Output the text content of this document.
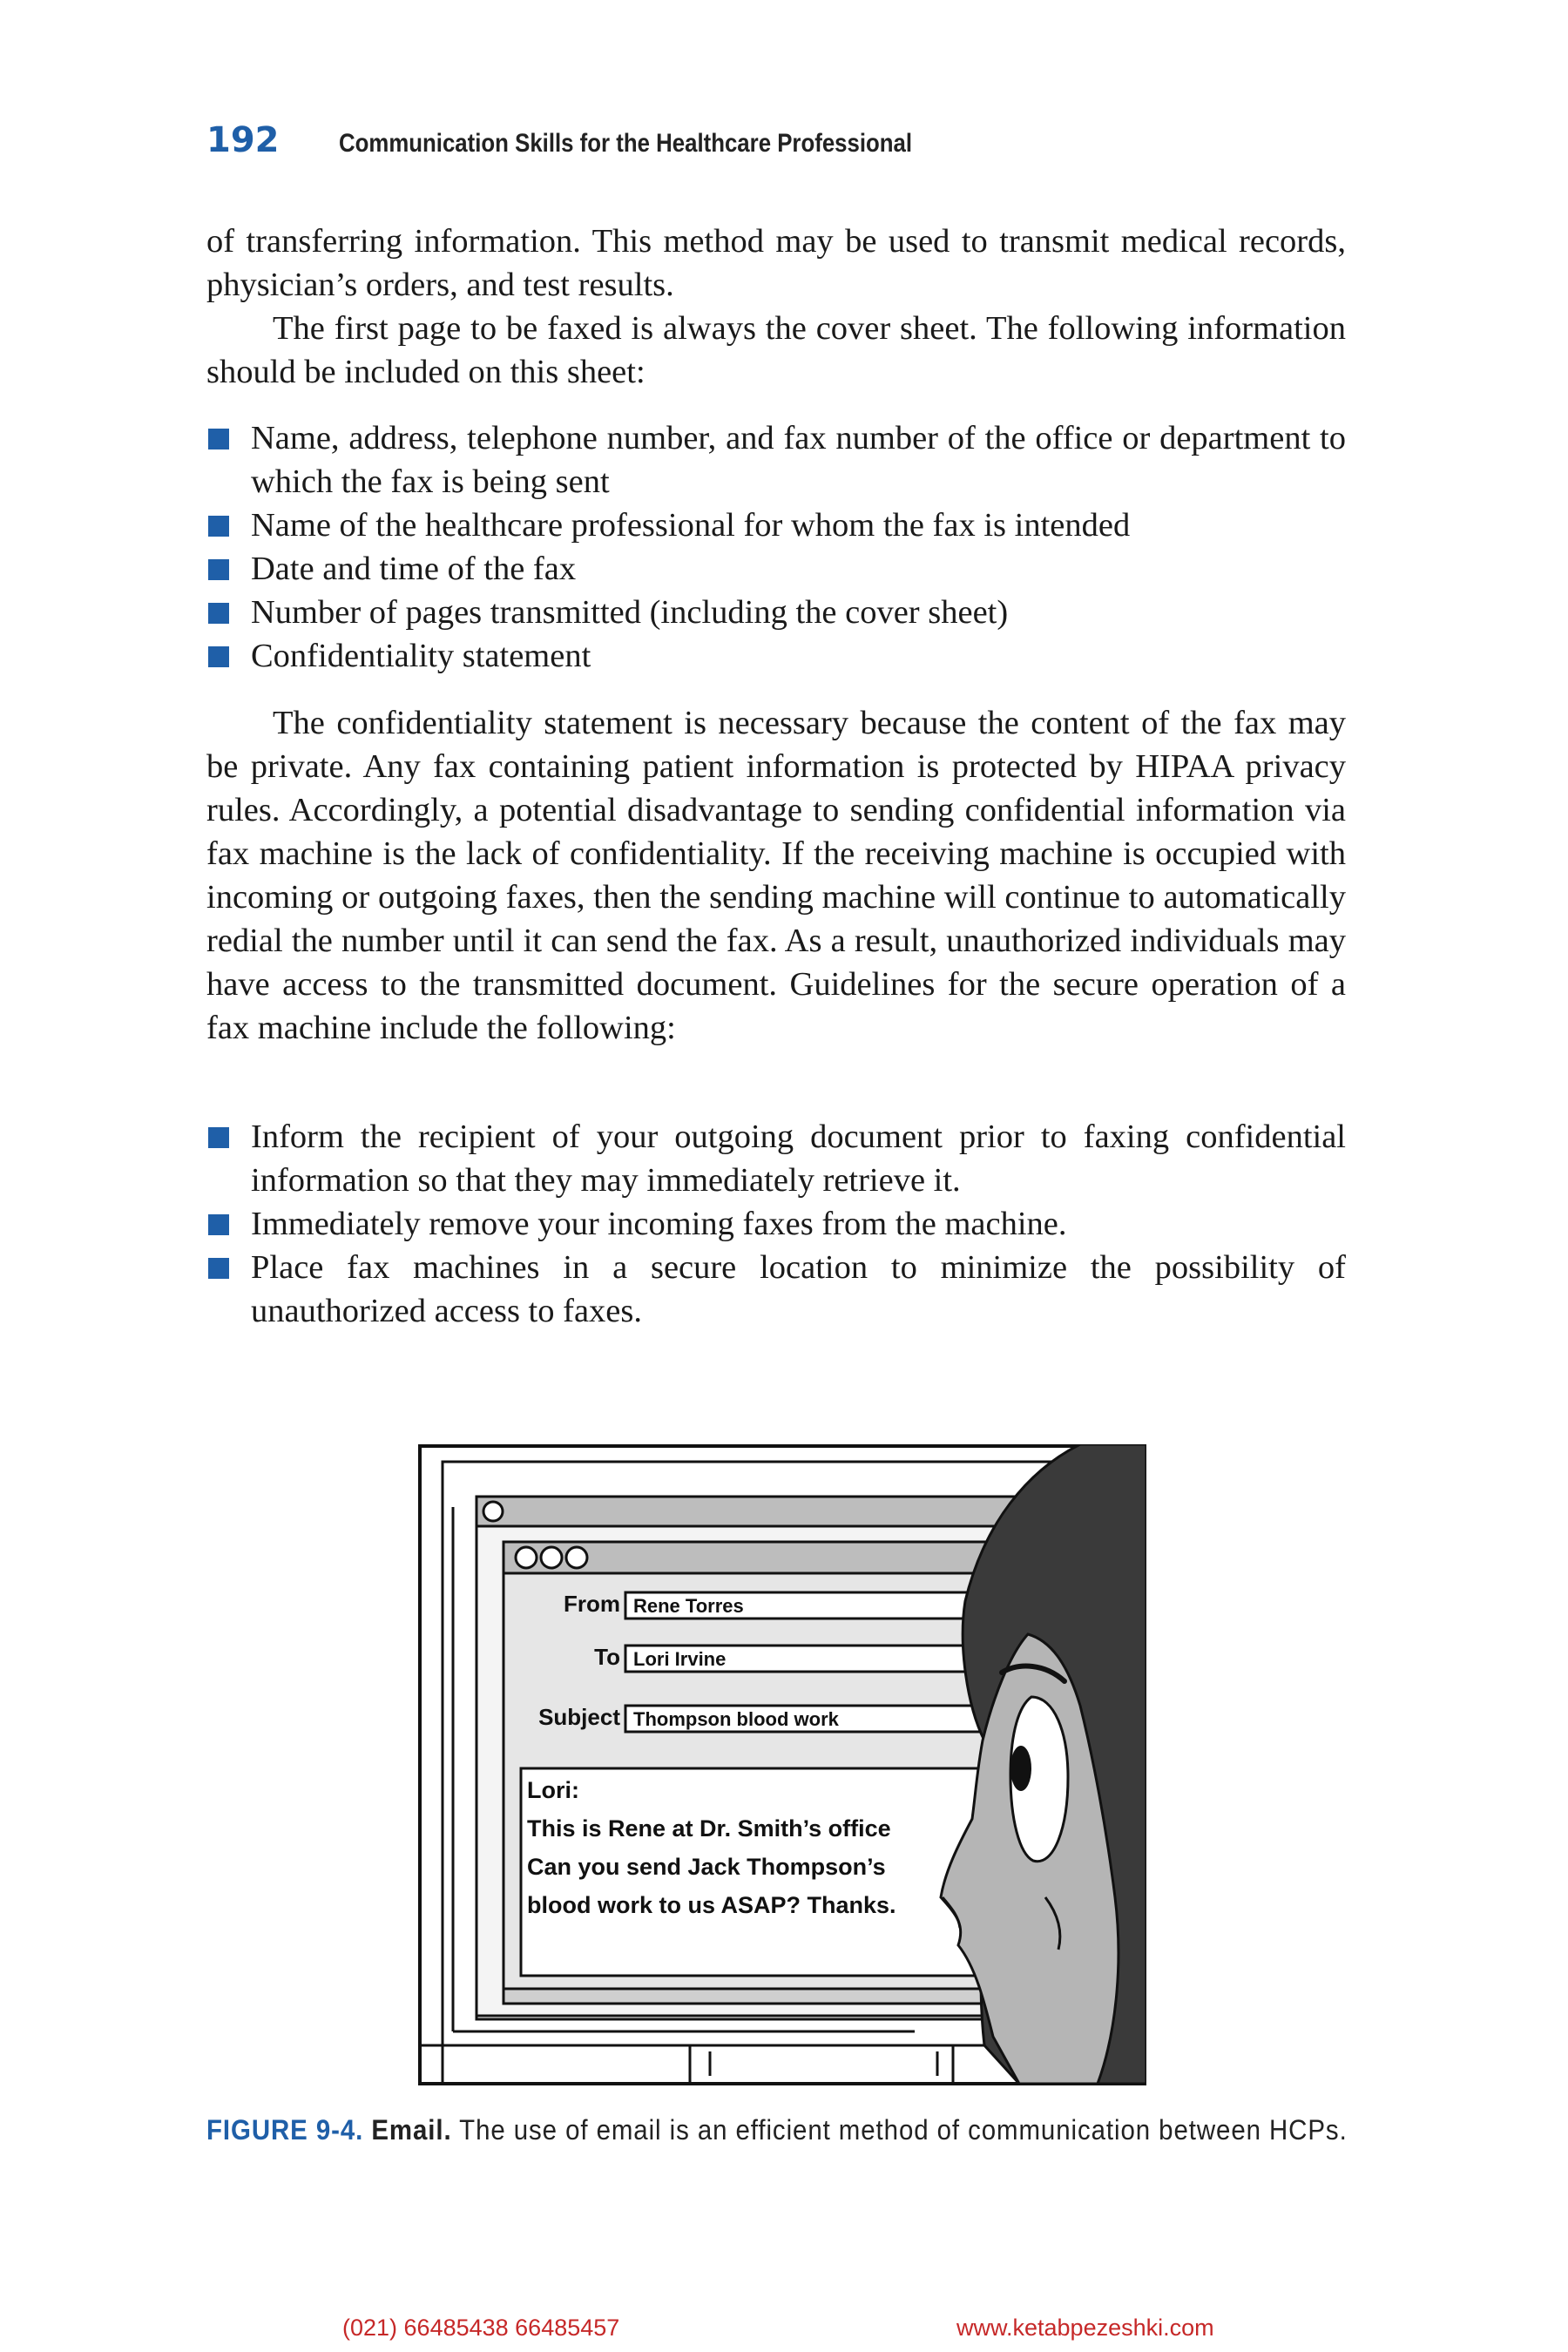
192 Communication Skills for the Healthcare Professional

of transferring information. This method may be used to transmit medical records, physician’s orders, and test results.

The first page to be faxed is always the cover sheet. The following information should be included on this sheet:

Name, address, telephone number, and fax number of the office or department to which the fax is being sent
Name of the healthcare professional for whom the fax is intended
Date and time of the fax
Number of pages transmitted (including the cover sheet)
Confidentiality statement

The confidentiality statement is necessary because the content of the fax may be private. Any fax containing patient information is protected by HIPAA privacy rules. Accordingly, a potential disadvantage to sending confidential information via fax machine is the lack of confidentiality. If the receiving machine is occupied with incoming or outgoing faxes, then the sending machine will continue to automatically redial the number until it can send the fax. As a result, unauthorized individuals may have access to the transmitted document. Guidelines for the secure operation of a fax machine include the following:

Inform the recipient of your outgoing document prior to faxing confidential information so that they may immediately retrieve it.
Immediately remove your incoming faxes from the machine.
Place fax machines in a secure location to minimize the possibility of unauthorized access to faxes.
From Rene Torres
To Lori Irvine
Subject Thompson blood work
Lori:
This is Rene at Dr. Smith’s office
Can you send Jack Thompson’s
blood work to us ASAP? Thanks.
FIGURE 9-4. Email. The use of email is an efficient method of communication between HCPs.
(021) 66485438 66485457	www.ketabpezeshki.com
